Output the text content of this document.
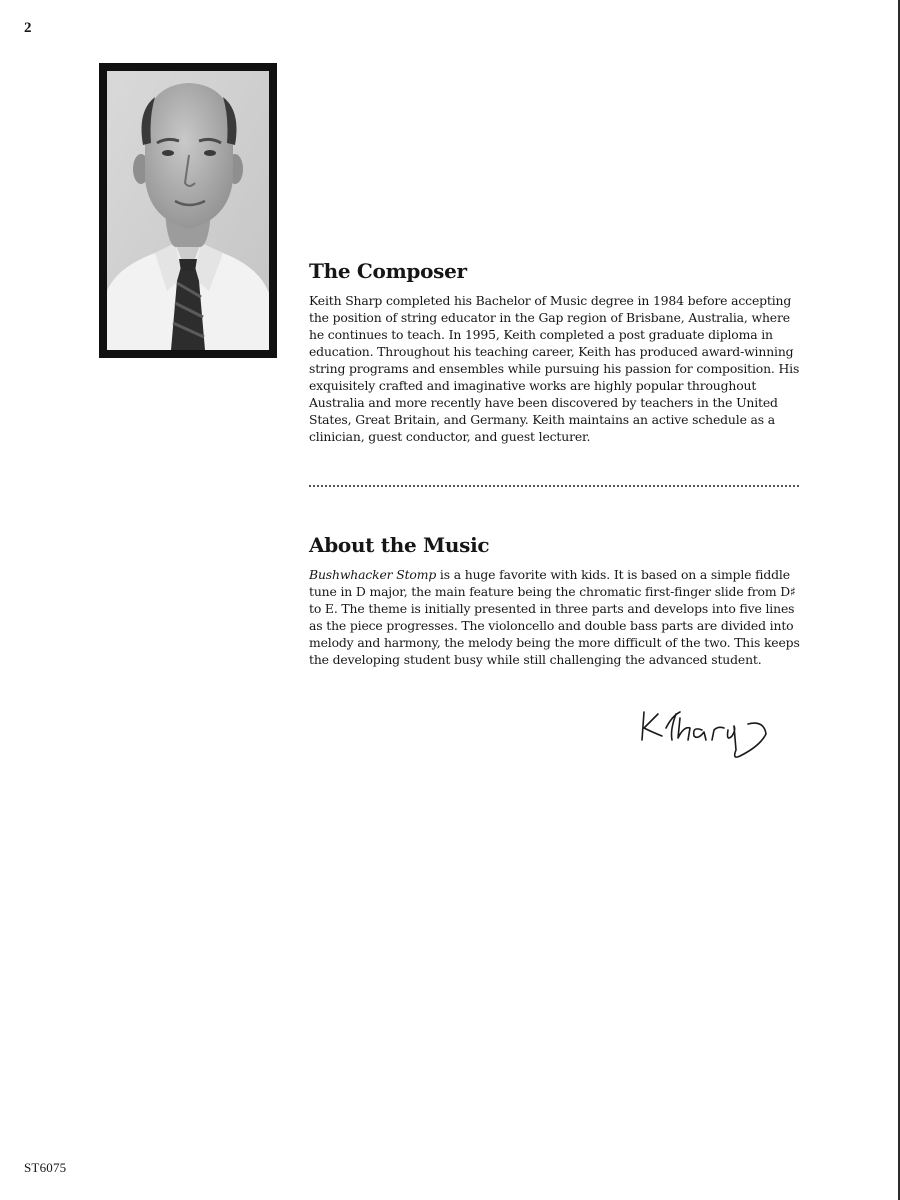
2
The Composer

Keith Sharp completed his Bachelor of Music degree in 1984 before accepting the position of string educator in the Gap region of Brisbane, Australia, where he continues to teach. In 1995, Keith completed a post graduate diploma in education. Throughout his teaching career, Keith has produced award-winning string programs and ensembles while pursuing his passion for composition. His exquisitely crafted and imaginative works are highly popular throughout Australia and more recently have been discovered by teachers in the United States, Great Britain, and Germany. Keith maintains an active schedule as a clinician, guest conductor, and guest lecturer.

About the Music

Bushwhacker Stomp is a huge favorite with kids. It is based on a simple fiddle tune in D major, the main feature being the chromatic first-finger slide from D♯ to E. The theme is initially presented in three parts and develops into five lines as the piece progresses. The violoncello and double bass parts are divided into melody and harmony, the melody being the more difficult of the two. This keeps the developing student busy while still challenging the advanced student.

ST6075
